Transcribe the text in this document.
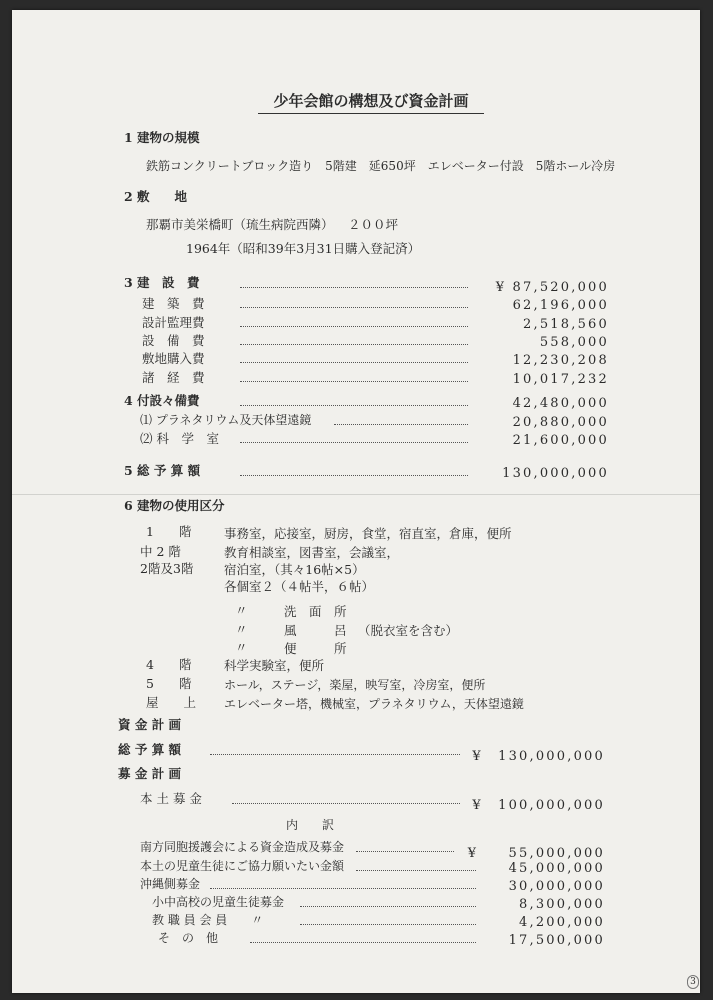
少年会館の構想及び資金計画
1 建物の規模
鉄筋コンクリートブロック造り　5階建　延650坪　エレベーター付設　5階ホール冷房
2 敷　　地
那覇市美栄橋町（琉生病院西隣） ２００坪
1964年（昭和39年3月31日購入登記済）
3 建　設　費	¥ 87,520,000
建　築　費	62,196,000
設計監理費	2,518,560
設　備　費	558,000
敷地購入費	12,230,208
諸　経　費	10,017,232
4 付設々備費	42,480,000
⑴ プラネタリウム及天体望遠鏡	20,880,000
⑵ 科　学　室	21,600,000
5 総 予 算 額	130,000,000
6 建物の使用区分
1　　階	事務室，応接室，厨房，食堂，宿直室，倉庫，便所
中 2 階	教育相談室，図書室，会議室，
2階及3階 宿泊室，（其々16帖×5）
各個室２（４帖半，６帖）
〃	洗　面　所
〃	風　　　呂 （脱衣室を含む）
〃	便　　　所
4　　階	科学実験室，便所
5　　階	ホール，ステージ，楽屋，映写室，冷房室，便所
屋　　上 エレベーター塔，機械室，プラネタリウム，天体望遠鏡
資 金 計 画
総 予 算 額	¥　130,000,000
募 金 計 画
本 土 募 金	¥　100,000,000
内　　訳
南方同胞援護会による資金造成及募金	¥　　55,000,000
本土の児童生徒にご協力願いたい金額	45,000,000
沖縄側募金	30,000,000
小中高校の児童生徒募金	8,300,000
教 職 員 会 員　　〃	4,200,000
そ　の　他	17,500,000
3
